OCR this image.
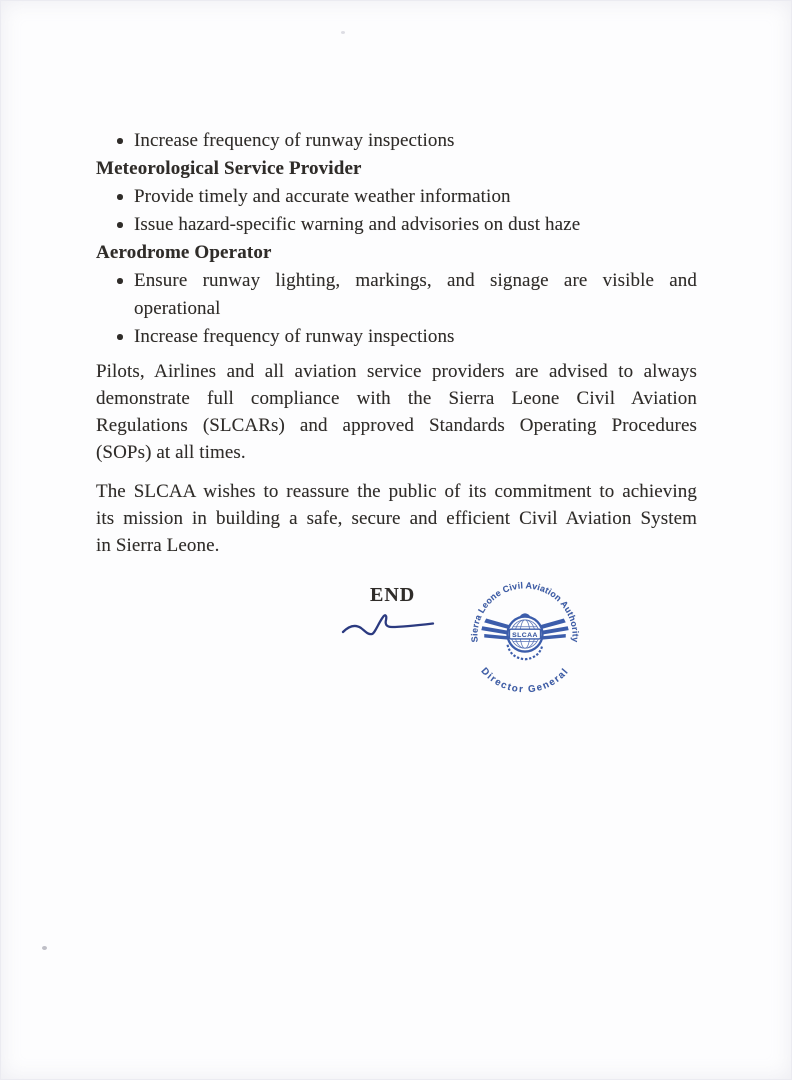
Increase frequency of runway inspections
Meteorological Service Provider
Provide timely and accurate weather information
Issue hazard-specific warning and advisories on dust haze
Aerodrome Operator
Ensure runway lighting, markings, and signage are visible and
operational
Increase frequency of runway inspections

Pilots, Airlines and all aviation service providers are advised to always
demonstrate full compliance with the Sierra Leone Civil Aviation
Regulations (SLCARs) and approved Standards Operating Procedures
(SOPs) at all times.

The SLCAA wishes to reassure the public of its commitment to achieving
its mission in building a safe, secure and efficient Civil Aviation System
in Sierra Leone.

END
Sierra Leone Civil Aviation Authority
Director General
SLCAA
